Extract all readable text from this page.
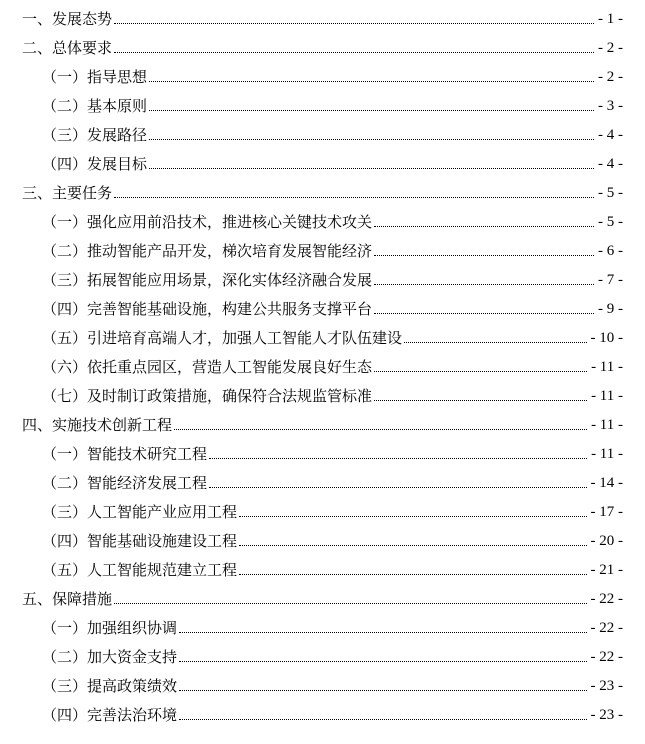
一、发展态势	- 1 -
二、总体要求	- 2 -
（一）指导思想	- 2 -
（二）基本原则	- 3 -
（三）发展路径	- 4 -
（四）发展目标	- 4 -
三、主要任务	- 5 -
（一）强化应用前沿技术，推进核心关键技术攻关	- 5 -
（二）推动智能产品开发，梯次培育发展智能经济	- 6 -
（三）拓展智能应用场景，深化实体经济融合发展	- 7 -
（四）完善智能基础设施，构建公共服务支撑平台	- 9 -
（五）引进培育高端人才，加强人工智能人才队伍建设	- 10 -
（六）依托重点园区，营造人工智能发展良好生态	- 11 -
（七）及时制订政策措施，确保符合法规监管标准	- 11 -
四、实施技术创新工程	- 11 -
（一）智能技术研究工程	- 11 -
（二）智能经济发展工程	- 14 -
（三）人工智能产业应用工程	- 17 -
（四）智能基础设施建设工程	- 20 -
（五）人工智能规范建立工程	- 21 -
五、保障措施	- 22 -
（一）加强组织协调	- 22 -
（二）加大资金支持	- 22 -
（三）提高政策绩效	- 23 -
（四）完善法治环境	- 23 -
